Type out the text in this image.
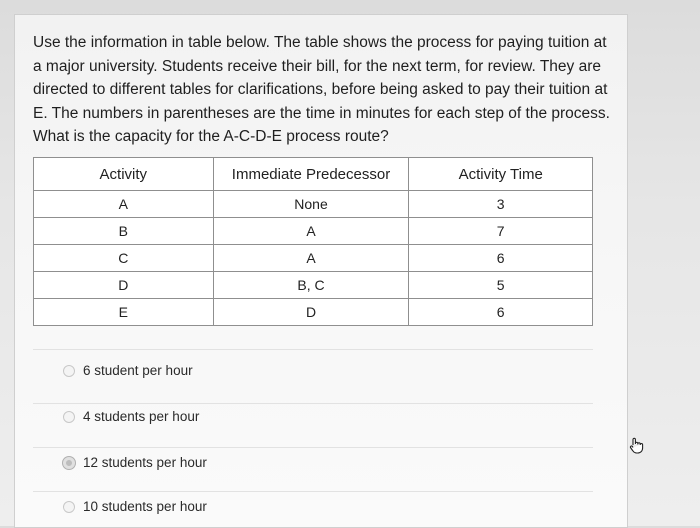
Use the information in table below. The table shows the process for paying tuition at a major university. Students receive their bill, for the next term, for review. They are directed to different tables for clarifications, before being asked to pay their tuition at E. The numbers in parentheses are the time in minutes for each step of the process. What is the capacity for the A-C-D-E process route?
Activity	Immediate Predecessor	Activity Time
A	None	3
B	A	7
C	A	6
D	B, C	5
E	D	6
6 student per hour
4 students per hour
12 students per hour
10 students per hour
